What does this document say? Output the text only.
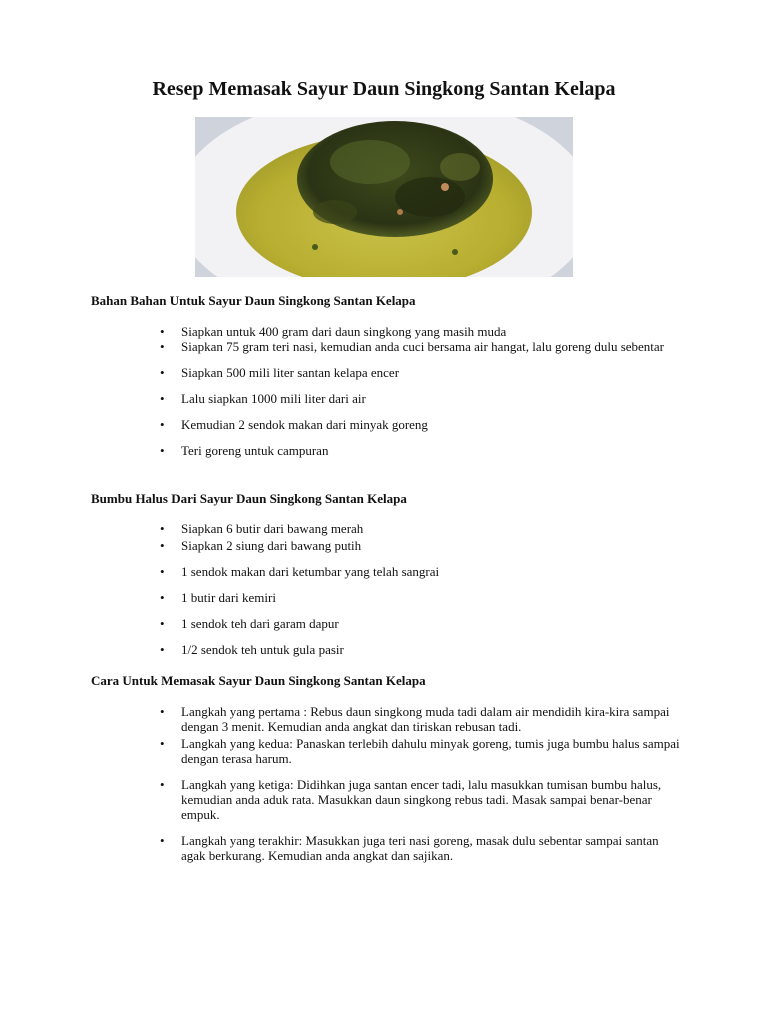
Resep Memasak Sayur Daun Singkong Santan Kelapa
Bahan Bahan Untuk Sayur Daun Singkong Santan Kelapa
• Siapkan untuk 400 gram dari daun singkong yang masih muda
• Siapkan 75 gram teri nasi, kemudian anda cuci bersama air hangat, lalu goreng dulu sebentar
• Siapkan 500 mili liter santan kelapa encer
• Lalu siapkan 1000 mili liter dari air
• Kemudian 2 sendok makan dari minyak goreng
• Teri goreng untuk campuran
Bumbu Halus Dari Sayur Daun Singkong Santan Kelapa
• Siapkan 6 butir dari bawang merah
• Siapkan 2 siung dari bawang putih
• 1 sendok makan dari ketumbar yang telah sangrai
• 1 butir dari kemiri
• 1 sendok teh dari garam dapur
• 1/2 sendok teh untuk gula pasir
Cara Untuk Memasak Sayur Daun Singkong Santan Kelapa
• Langkah yang pertama : Rebus daun singkong muda tadi dalam air mendidih kira-kira sampai dengan 3 menit. Kemudian anda angkat dan tiriskan rebusan tadi.
• Langkah yang kedua: Panaskan terlebih dahulu minyak goreng, tumis juga bumbu halus sampai dengan terasa harum.
• Langkah yang ketiga: Didihkan juga santan encer tadi, lalu masukkan tumisan bumbu halus, kemudian anda aduk rata. Masukkan daun singkong rebus tadi. Masak sampai benar-benar empuk.
• Langkah yang terakhir: Masukkan juga teri nasi goreng, masak dulu sebentar sampai santan agak berkurang. Kemudian anda angkat dan sajikan.
